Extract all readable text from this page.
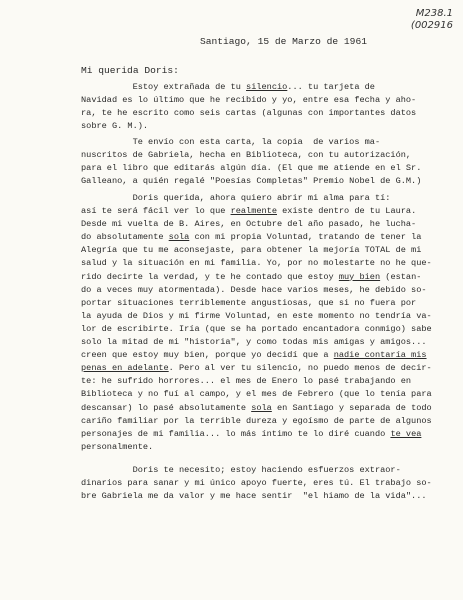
M238.1
(002916
Santiago, 15 de Marzo de 1961
Mi querida Doris:
Estoy extrañada de tu silencio... tu tarjeta de
Navidad es lo último que he recibido y yo, entre esa fecha y aho-
ra, te he escrito como seis cartas (algunas con importantes datos
sobre G. M.).
Te envío con esta carta, la copia  de varios ma-
nuscritos de Gabriela, hecha en Biblioteca, con tu autorización,
para el libro que editarás algún día. (El que me atiende en el Sr.
Galleano, a quién regalé "Poesías Completas" Premio Nobel de G.M.)
Doris querida, ahora quiero abrir mi alma para tí:
así te será fácil ver lo que realmente existe dentro de tu Laura.
Desde mi vuelta de B. Aires, en Octubre del año pasado, he lucha-
do absolutamente sola con mi propia Voluntad, tratando de tener la
Alegría que tu me aconsejaste, para obtener la mejoría TOTAL de mi
salud y la situación en mi familia. Yo, por no molestarte no he que-
rido decirte la verdad, y te he contado que estoy muy bien (estan-
do a veces muy atormentada). Desde hace varios meses, he debido so-
portar situaciones terriblemente angustiosas, que si no fuera por
la ayuda de Dios y mi firme Voluntad, en este momento no tendría va-
lor de escribirte. Iría (que se ha portado encantadora conmigo) sabe
solo la mitad de mi "historia", y como todas mis amigas y amigos...
creen que estoy muy bien, porque yo decidí que a nadie contaría mis
penas en adelante. Pero al ver tu silencio, no puedo menos de decir-
te: he sufrido horrores... el mes de Enero lo pasé trabajando en
Biblioteca y no fuí al campo, y el mes de Febrero (que lo tenía para
descansar) lo pasé absolutamente sola en Santiago y separada de todo
cariño familiar por la terrible dureza y egoísmo de parte de algunos
personajes de mi familia... lo más íntimo te lo diré cuando te vea
personalmente.
Doris te necesito; estoy haciendo esfuerzos extraor-
dinarios para sanar y mi único apoyo fuerte, eres tú. El trabajo so-
bre Gabriela me da valor y me hace sentir  "el hiamo de la vida"...
